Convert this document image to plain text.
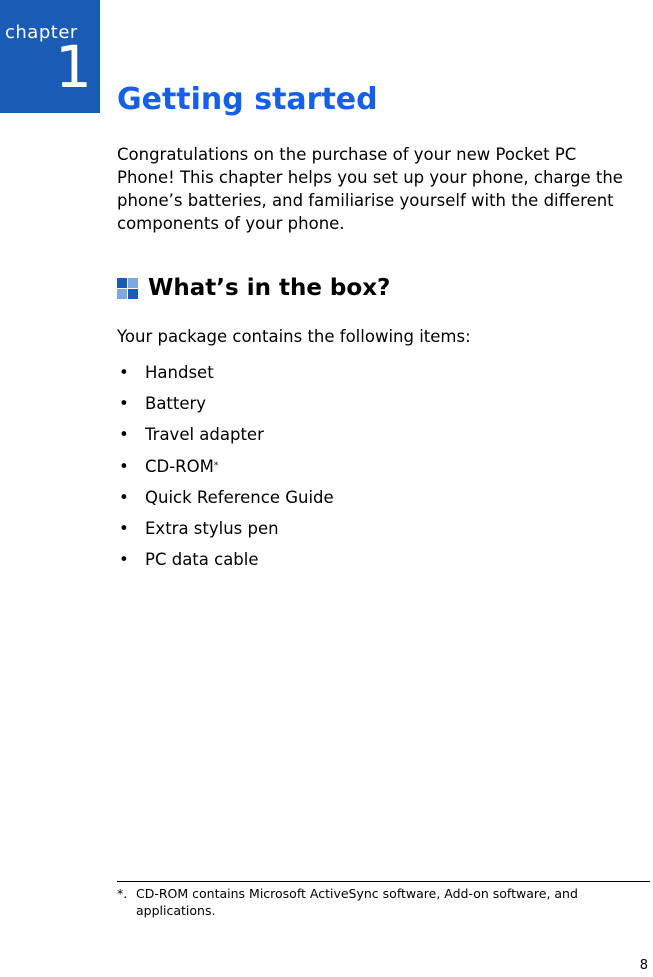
chapter
1 Getting started

Congratulations on the purchase of your new Pocket PC Phone! This chapter helps you set up your phone, charge the phone’s batteries, and familiarise yourself with the different components of your phone.

What’s in the box?

Your package contains the following items:

• Handset
• Battery
• Travel adapter
• CD-ROM *
• Quick Reference Guide
• Extra stylus pen
• PC data cable

*. CD-ROM contains Microsoft ActiveSync software, Add-on software, and
applications.

8
